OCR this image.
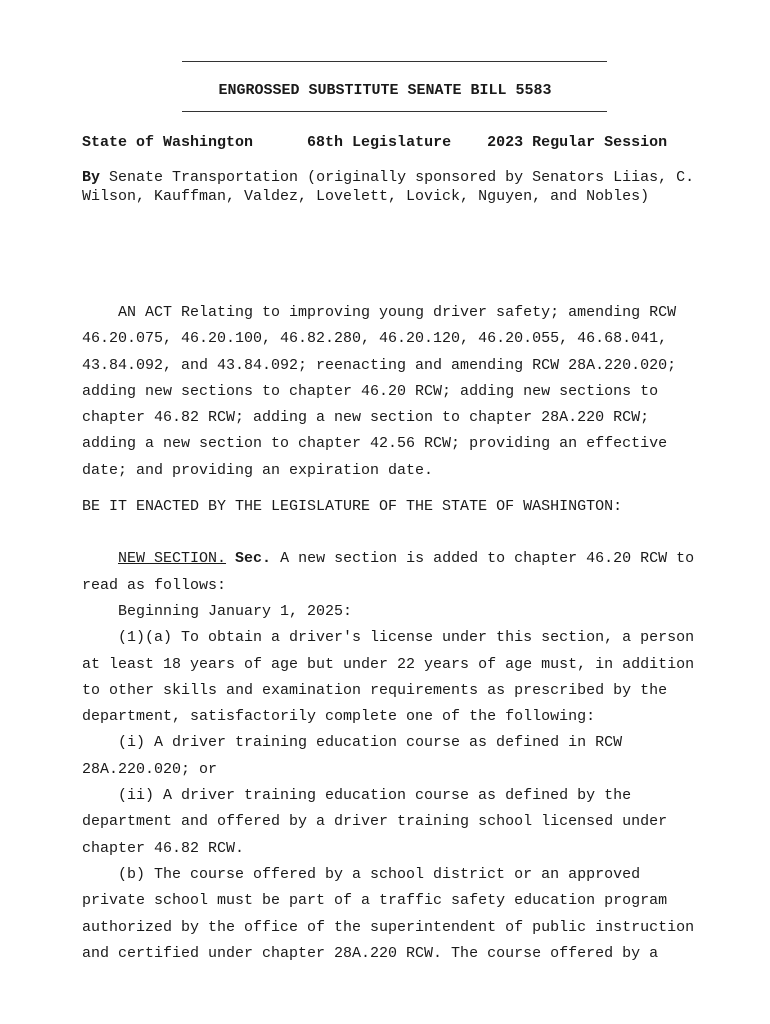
ENGROSSED SUBSTITUTE SENATE BILL 5583
State of Washington	68th Legislature 2023 Regular Session
By Senate Transportation (originally sponsored by Senators Liias, C. Wilson, Kauffman, Valdez, Lovelett, Lovick, Nguyen, and Nobles)

AN ACT Relating to improving young driver safety; amending RCW 46.20.075, 46.20.100, 46.82.280, 46.20.120, 46.20.055, 46.68.041, 43.84.092, and 43.84.092; reenacting and amending RCW 28A.220.020; adding new sections to chapter 46.20 RCW; adding new sections to chapter 46.82 RCW; adding a new section to chapter 28A.220 RCW; adding a new section to chapter 42.56 RCW; providing an effective date; and providing an expiration date.

BE IT ENACTED BY THE LEGISLATURE OF THE STATE OF WASHINGTON:

NEW SECTION. Sec. A new section is added to chapter 46.20 RCW to read as follows:

Beginning January 1, 2025:

(1)(a) To obtain a driver's license under this section, a person at least 18 years of age but under 22 years of age must, in addition to other skills and examination requirements as prescribed by the department, satisfactorily complete one of the following:

(i) A driver training education course as defined in RCW 28A.220.020; or

(ii) A driver training education course as defined by the department and offered by a driver training school licensed under chapter 46.82 RCW.

(b) The course offered by a school district or an approved private school must be part of a traffic safety education program authorized by the office of the superintendent of public instruction and certified under chapter 28A.220 RCW. The course offered by a
